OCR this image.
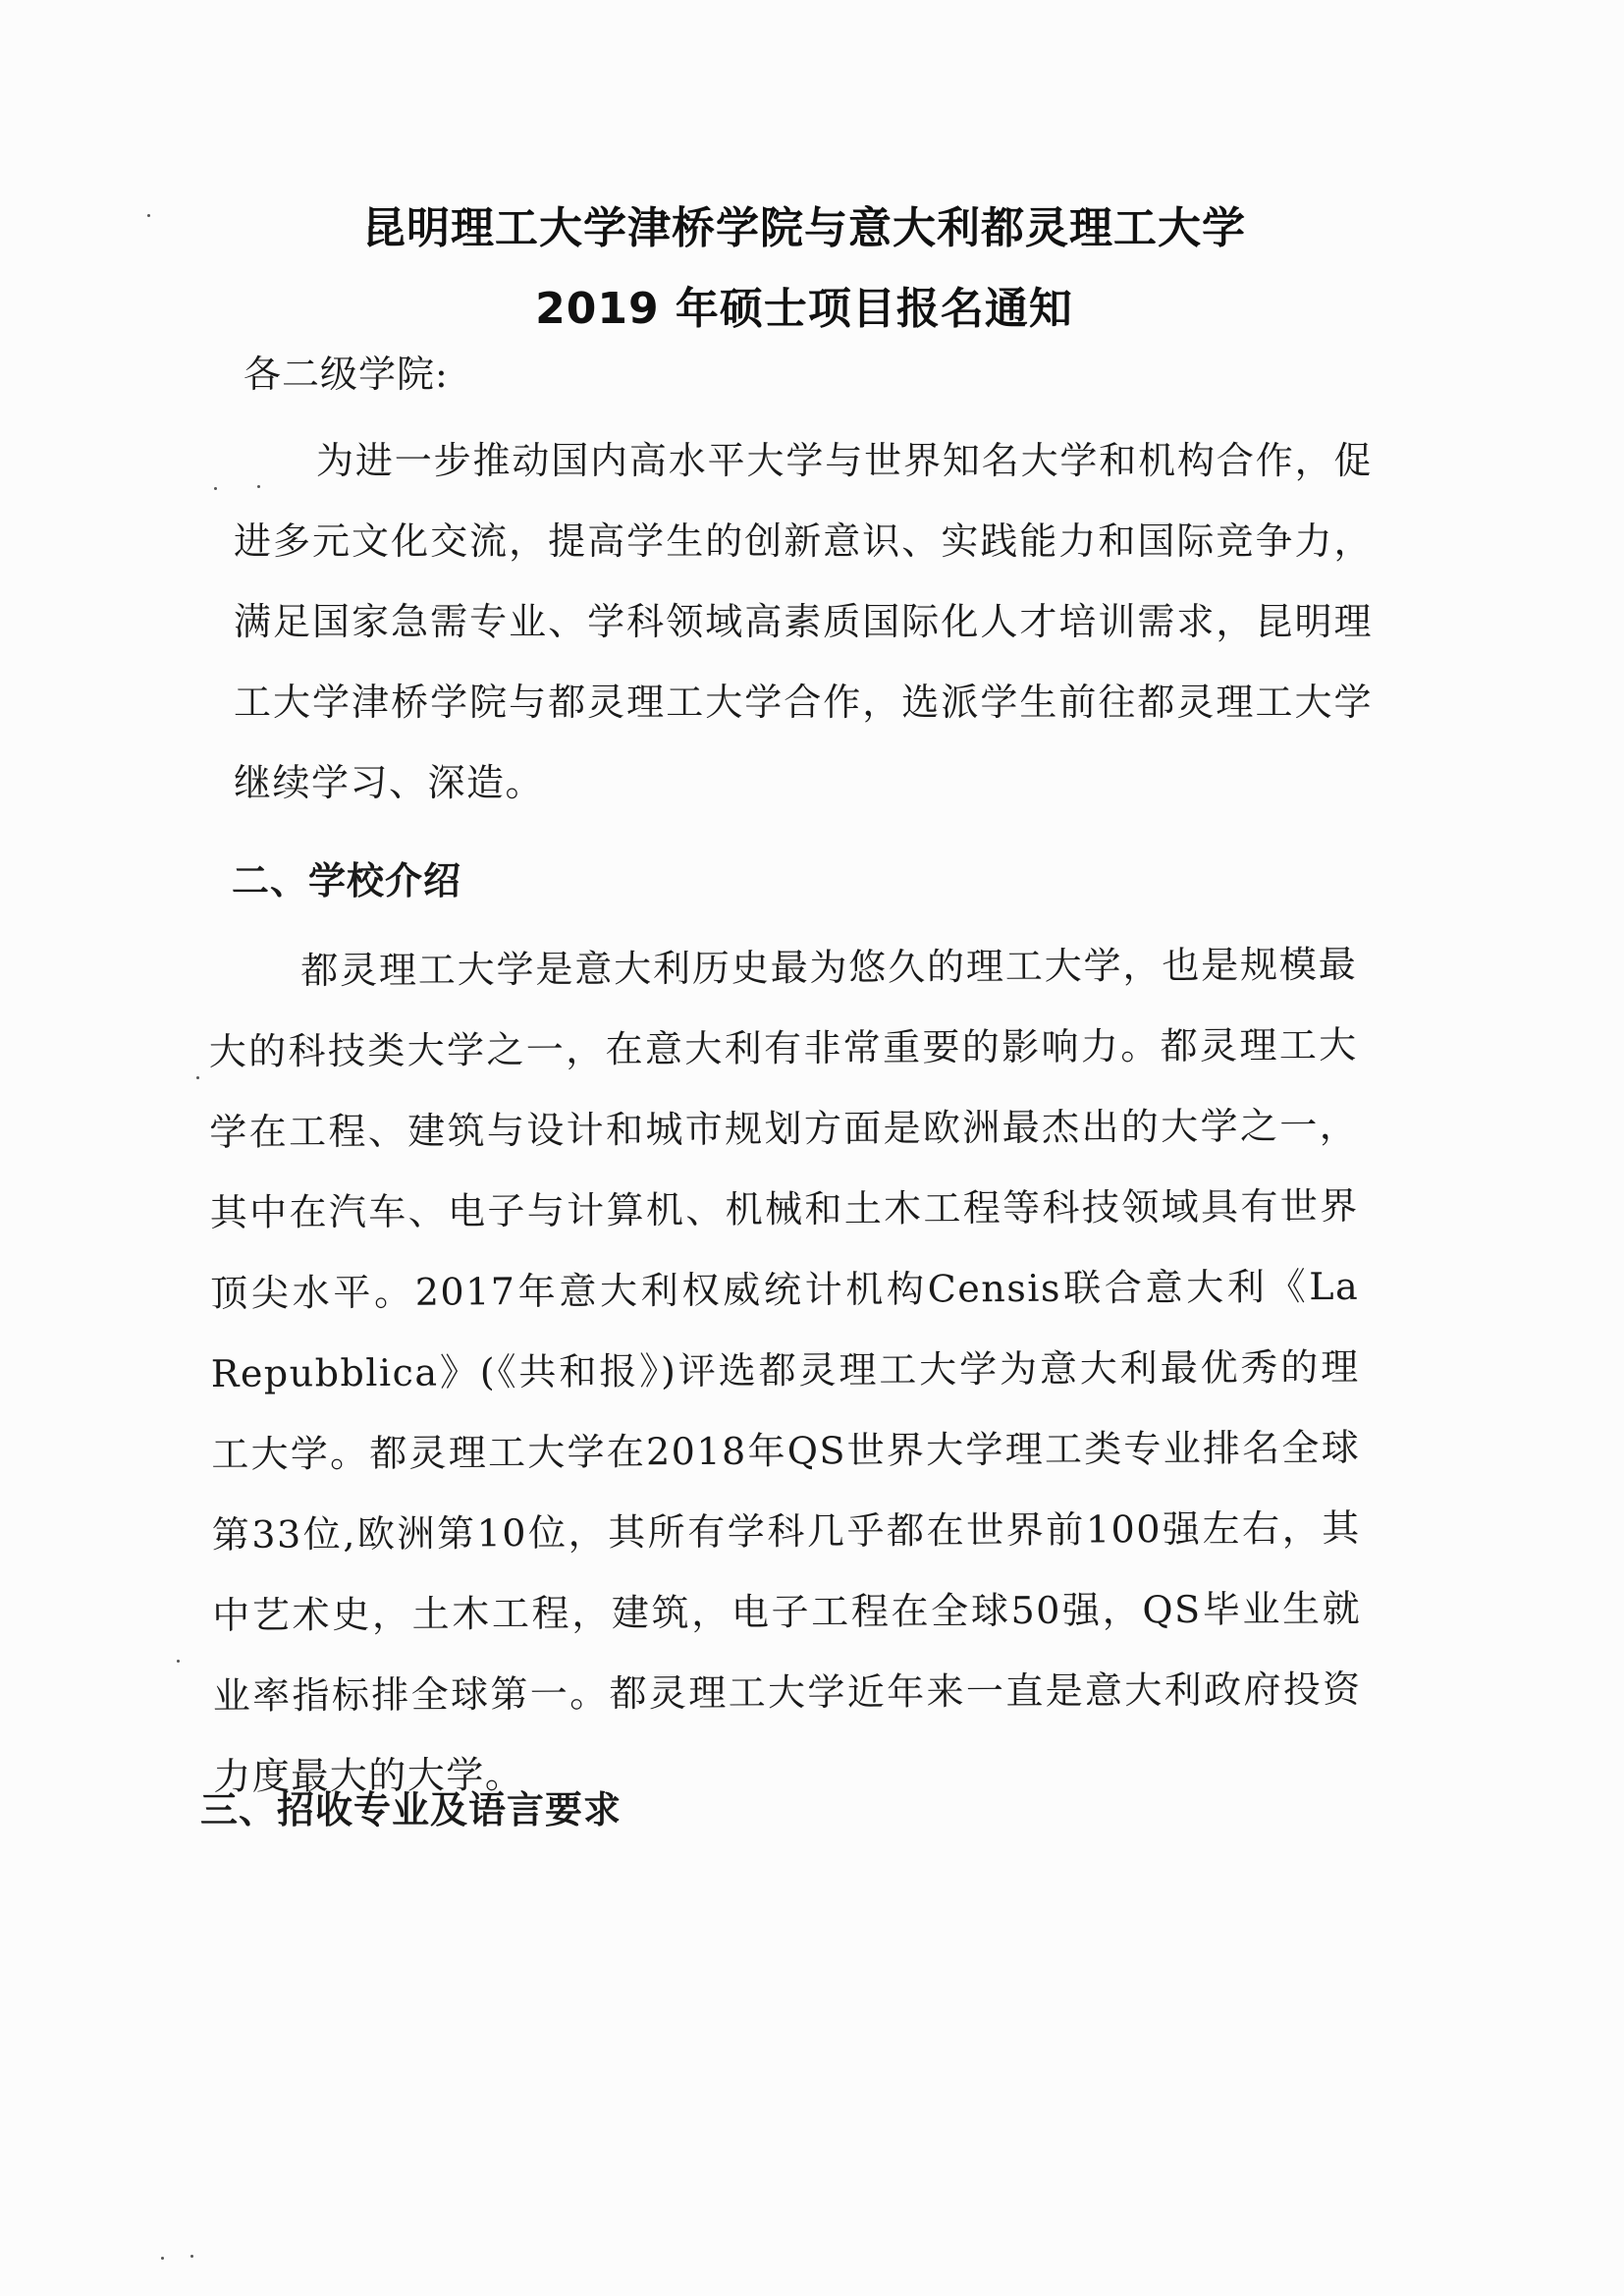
昆明理工大学津桥学院与意大利都灵理工大学
2019 年硕士项目报名通知
各二级学院:
为进一步推动国内高水平大学与世界知名大学和机构合作，促进多元文化交流，提高学生的创新意识、实践能力和国际竞争力，满足国家急需专业、学科领域高素质国际化人才培训需求，昆明理工大学津桥学院与都灵理工大学合作，选派学生前往都灵理工大学继续学习、深造。
二、学校介绍
都灵理工大学是意大利历史最为悠久的理工大学，也是规模最大的科技类大学之一，在意大利有非常重要的影响力。都灵理工大学在工程、建筑与设计和城市规划方面是欧洲最杰出的大学之一，其中在汽车、电子与计算机、机械和土木工程等科技领域具有世界顶尖水平。2017年意大利权威统计机构Censis联合意大利《La Repubblica》(《共和报》)评选都灵理工大学为意大利最优秀的理工大学。都灵理工大学在2018年QS世界大学理工类专业排名全球第33位,欧洲第10位，其所有学科几乎都在世界前100强左右，其中艺术史，土木工程，建筑，电子工程在全球50强，QS毕业生就业率指标排全球第一。都灵理工大学近年来一直是意大利政府投资力度最大的大学。
三、招收专业及语言要求
